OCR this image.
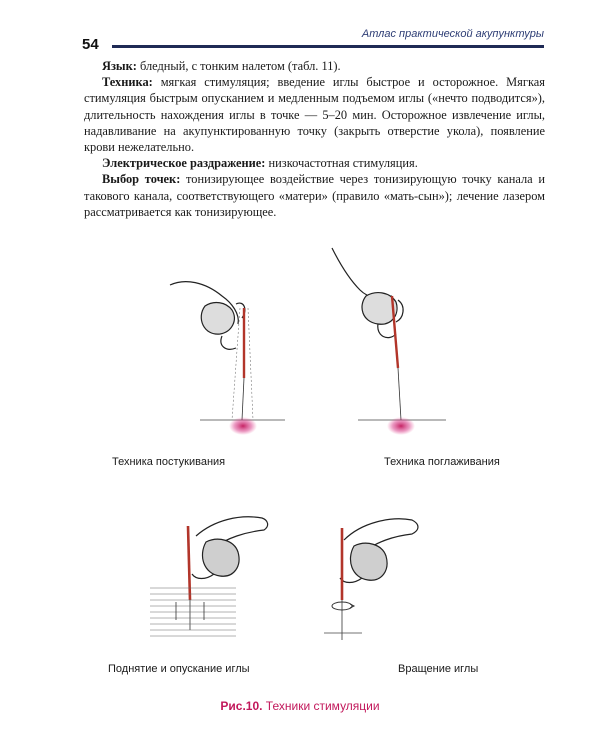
54
Атлас практической акупунктуры

Язык: бледный, с тонким налетом (табл. 11).

Техника: мягкая стимуляция; введение иглы быстрое и осторожное. Мягкая стимуляция быстрым опусканием и медленным подъемом иглы («нечто подводится»), длительность нахождения иглы в точке — 5–20 мин. Осторожное извлечение иглы, надавливание на акупунктированную точку (закрыть отверстие укола), появление крови нежелательно.

Электрическое раздражение: низкочастотная стимуляция.

Выбор точек: тонизирующее воздействие через тонизирующую точку канала и такового канала, соответствующего «матери» (правило «мать-сын»); лечение лазером рассматривается как тонизирующее.

Техника постукивания	Техника поглаживания
Поднятие и опускание иглы	Вращение иглы
Рис.10. Техники стимуляции
